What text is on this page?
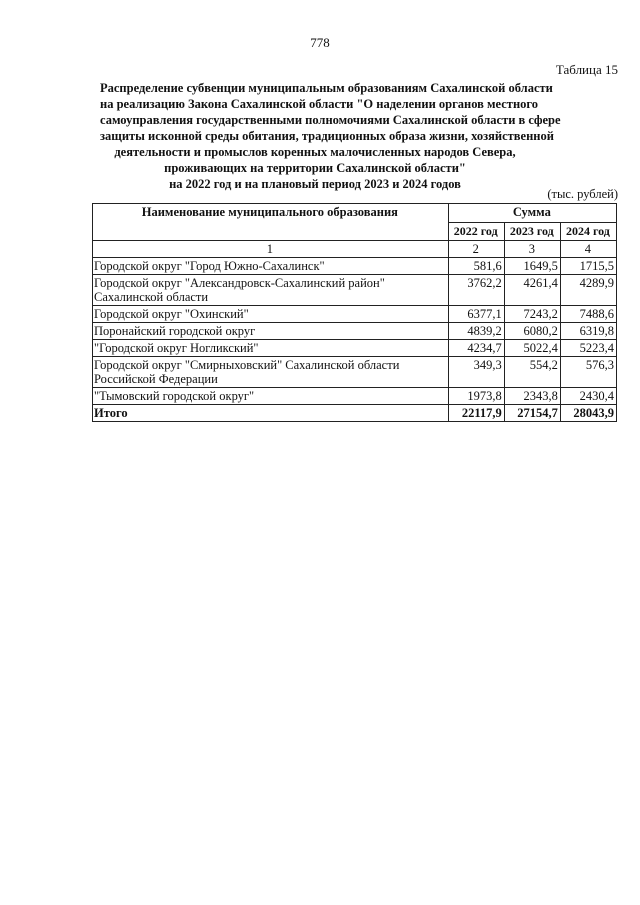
778
Таблица 15
Распределение субвенции муниципальным образованиям Сахалинской области
на реализацию Закона Сахалинской области "О наделении органов местного
самоуправления государственными полномочиями Сахалинской области в сфере
защиты исконной среды обитания, традиционных образа жизни, хозяйственной
деятельности и промыслов коренных малочисленных народов Севера,
проживающих на территории Сахалинской области"
на 2022 год и на плановый период 2023 и 2024 годов
(тыс. рублей)
Наименование муниципального образования	Сумма		
	2022 год	2023 год	2024 год
1	2	3	4
Городской округ "Город Южно-Сахалинск"	581,6	1649,5	1715,5
Городской округ "Александровск-Сахалинский район" Сахалинской области	3762,2	4261,4	4289,9
Городской округ "Охинский"	6377,1	7243,2	7488,6
Поронайский городской округ	4839,2	6080,2	6319,8
"Городской округ Ногликский"	4234,7	5022,4	5223,4
Городской округ "Смирныховский" Сахалинской области Российской Федерации	349,3	554,2	576,3
"Тымовский городской округ"	1973,8	2343,8	2430,4
Итого	22117,9	27154,7	28043,9
